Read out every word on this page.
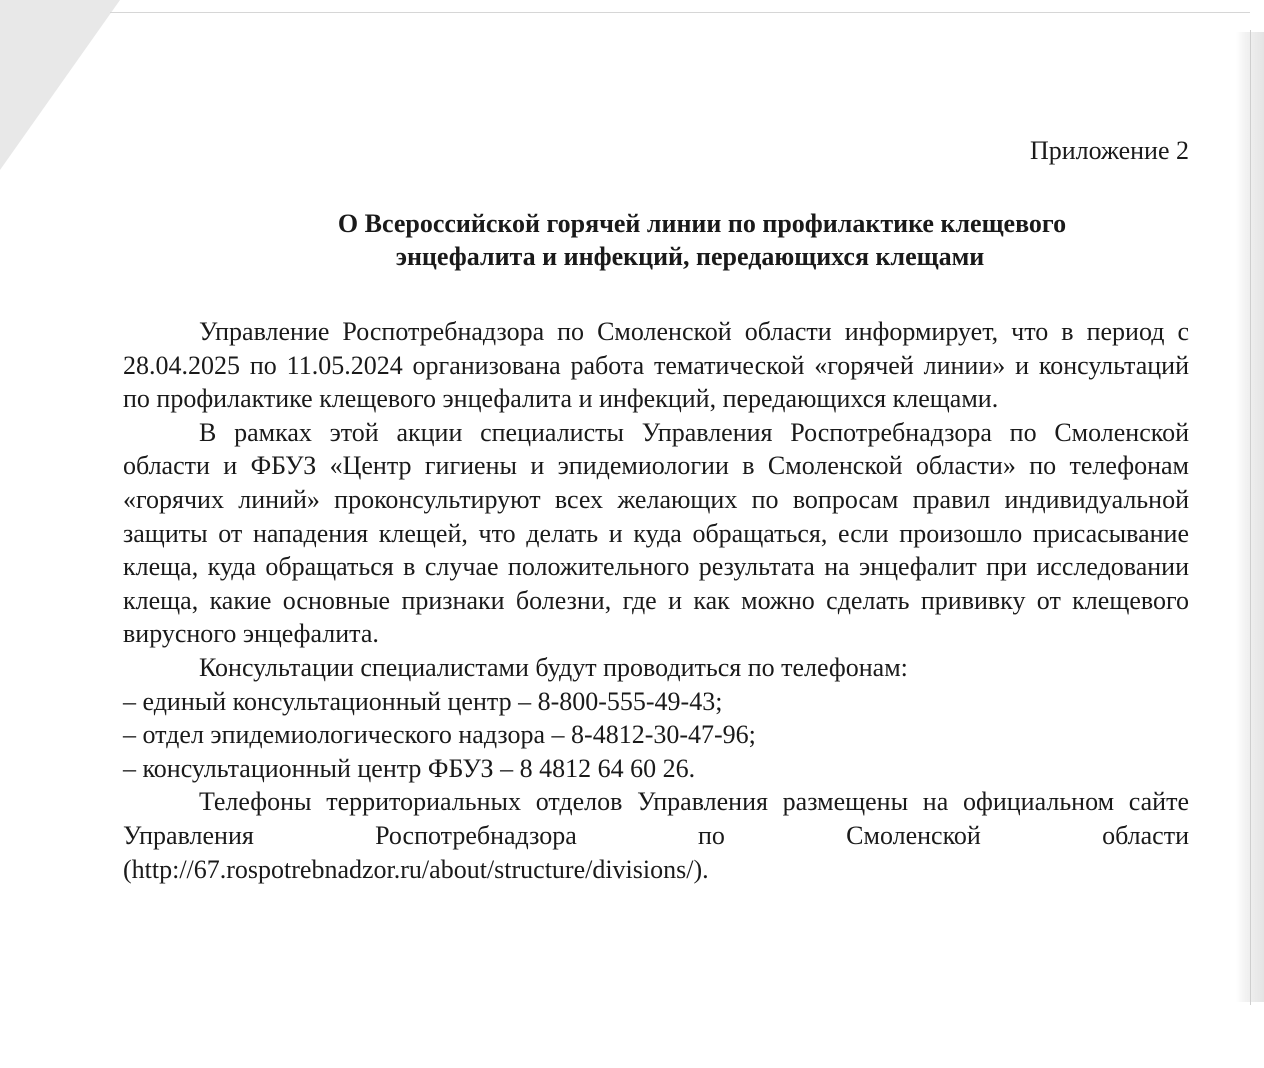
Приложение 2

О Всероссийской горячей линии по профилактике клещевого
энцефалита и инфекций, передающихся клещами

Управление Роспотребнадзора по Смоленской области информирует, что в период с 28.04.2025 по 11.05.2024 организована работа тематической «горячей линии» и консультаций по профилактике клещевого энцефалита и инфекций, передающихся клещами.

В рамках этой акции специалисты Управления Роспотребнадзора по Смоленской области и ФБУЗ «Центр гигиены и эпидемиологии в Смоленской области» по телефонам «горячих линий» проконсультируют всех желающих по вопросам правил индивидуальной защиты от нападения клещей, что делать и куда обращаться, если произошло присасывание клеща, куда обращаться в случае положительного результата на энцефалит при исследовании клеща, какие основные признаки болезни, где и как можно сделать прививку от клещевого вирусного энцефалита.

Консультации специалистами будут проводиться по телефонам:

– единый консультационный центр – 8-800-555-49-43;

– отдел эпидемиологического надзора – 8-4812-30-47-96;

– консультационный центр ФБУЗ – 8 4812 64 60 26.

Телефоны территориальных отделов Управления размещены на официальном сайте Управления Роспотребнадзора по Смоленской области (http://67.rospotrebnadzor.ru/about/structure/divisions/).
